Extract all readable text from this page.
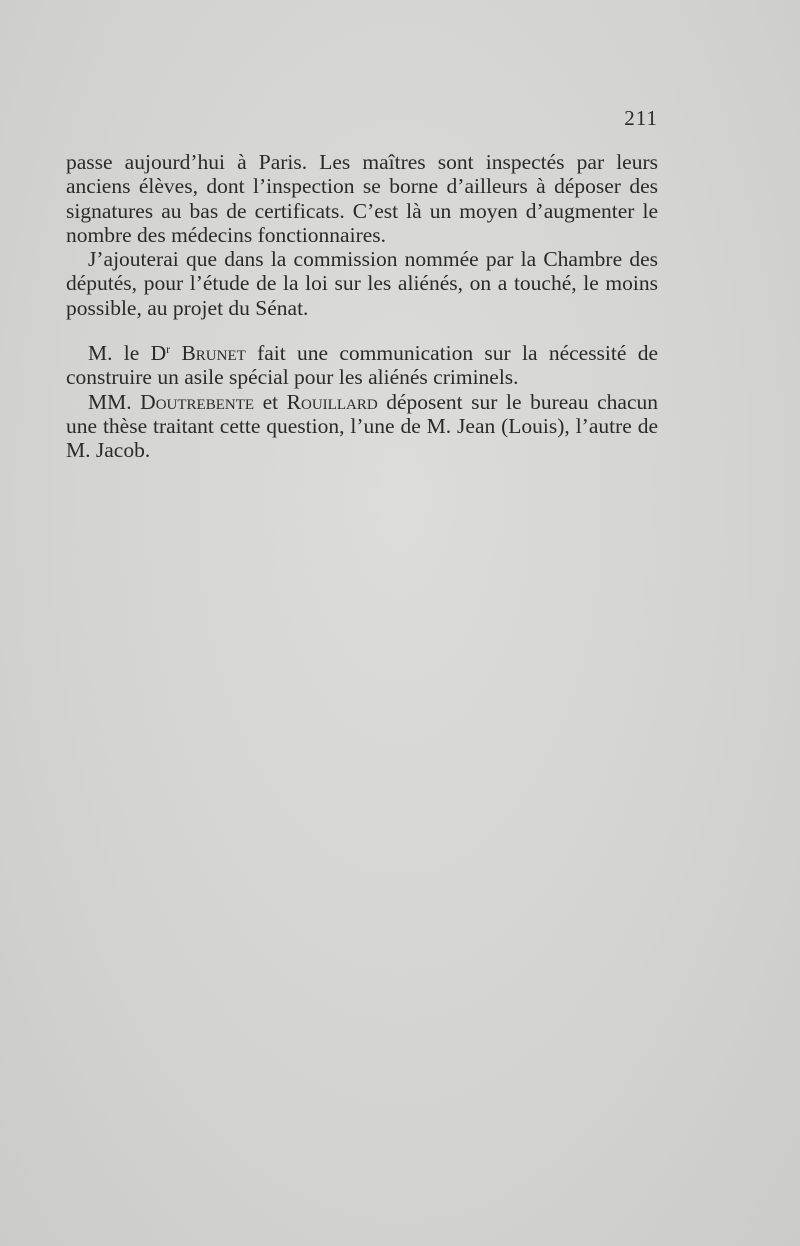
211

passe aujourd’hui à Paris. Les maîtres sont inspectés par leurs anciens élèves, dont l’inspection se borne d’ailleurs à déposer des signatures au bas de certificats. C’est là un moyen d’augmenter le nombre des médecins fonctionnaires.

J’ajouterai que dans la commission nommée par la Chambre des députés, pour l’étude de la loi sur les aliénés, on a touché, le moins possible, au projet du Sénat.

M. le $D^r$ Brunet fait une communication sur la nécessité de construire un asile spécial pour les aliénés criminels.

MM. Doutrebente et Rouillard déposent sur le bureau chacun une thèse traitant cette question, l’une de M. Jean (Louis), l’autre de M. Jacob.
